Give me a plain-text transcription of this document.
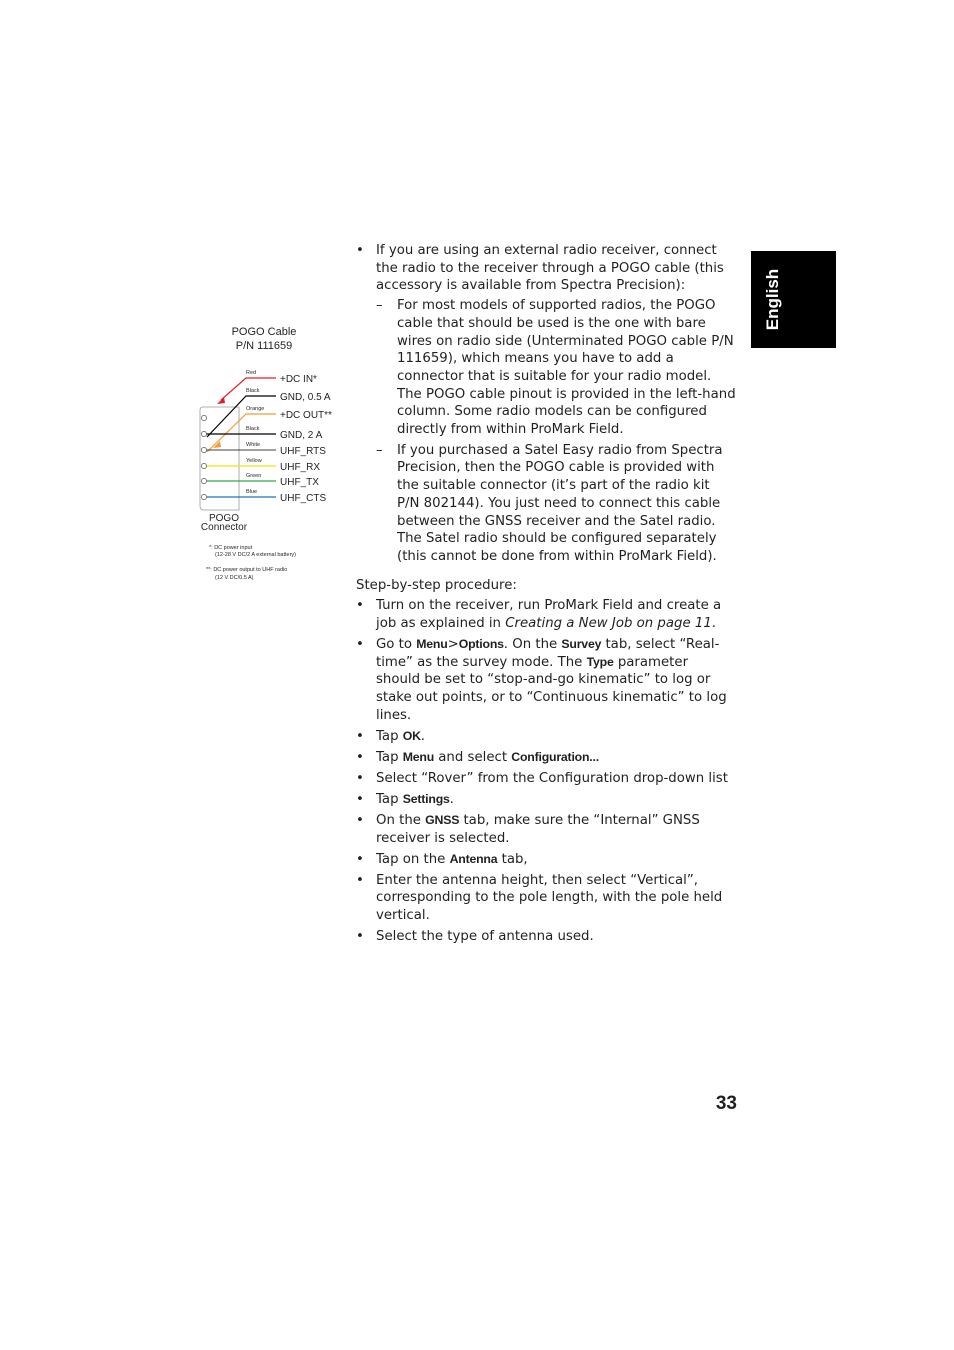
English
POGO Cable
P/N 111659
Red
+DC IN*
Black
GND, 0.5 A
Orange
+DC OUT**
Black
GND, 2 A
White
UHF_RTS
Yellow
UHF_RX
Green
UHF_TX
Blue
UHF_CTS
POGO
Connector
*: DC power input
(12-28 V DC/2 A external battery)
**: DC power output to UHF radio
(12 V DC/0.5 A)
• If you are using an external radio receiver, connect the radio to the receiver through a POGO cable (this accessory is available from Spectra Precision):
– For most models of supported radios, the POGO cable that should be used is the one with bare wires on radio side (Unterminated POGO cable P/N 111659), which means you have to add a connector that is suitable for your radio model. The POGO cable pinout is provided in the left-hand column. Some radio models can be configured directly from within ProMark Field.
– If you purchased a Satel Easy radio from Spectra Precision, then the POGO cable is provided with the suitable connector (it’s part of the radio kit P/N 802144). You just need to connect this cable between the GNSS receiver and the Satel radio. The Satel radio should be configured separately (this cannot be done from within ProMark Field).

Step-by-step procedure:

• Turn on the receiver, run ProMark Field and create a job as explained in Creating a New Job on page 11.
• Go to Menu>Options. On the Survey tab, select “Real-time” as the survey mode. The Type parameter should be set to “stop-and-go kinematic” to log or stake out points, or to “Continuous kinematic” to log lines.
• Tap OK.
• Tap Menu and select Configuration...
• Select “Rover” from the Configuration drop-down list
• Tap Settings.
• On the GNSS tab, make sure the “Internal” GNSS receiver is selected.
• Tap on the Antenna tab,
• Enter the antenna height, then select “Vertical”, corresponding to the pole length, with the pole held vertical.
• Select the type of antenna used.
33
